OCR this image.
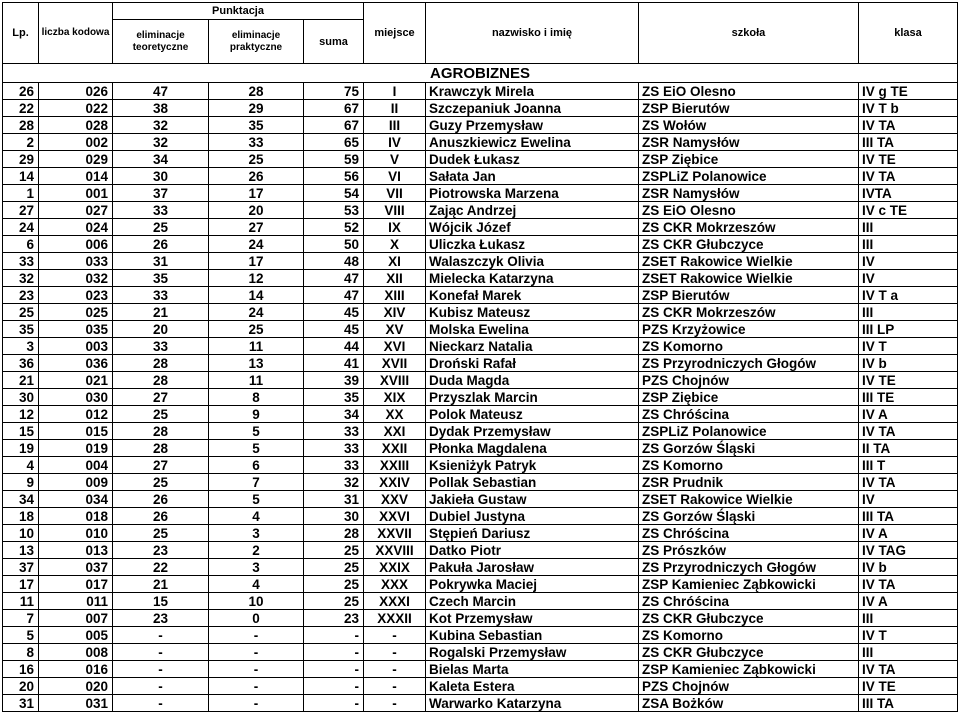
Lp.	liczba kodowa	Punktacja			miejsce	nazwisko i imię	szkoła	klasa
		eliminacje teoretyczne	eliminacje praktyczne	suma				
AGROBIZNES								
26	026	47	28	75	I	Krawczyk Mirela	ZS EiO Olesno	IV g TE
22	022	38	29	67	II	Szczepaniuk Joanna	ZSP Bierutów	IV T b
28	028	32	35	67	III	Guzy Przemysław	ZS Wołów	IV TA
2	002	32	33	65	IV	Anuszkiewicz Ewelina	ZSR Namysłów	III TA
29	029	34	25	59	V	Dudek Łukasz	ZSP Ziębice	IV TE
14	014	30	26	56	VI	Sałata Jan	ZSPLiZ Polanowice	IV TA
1	001	37	17	54	VII	Piotrowska Marzena	ZSR Namysłów	IVTA
27	027	33	20	53	VIII	Zając Andrzej	ZS EiO Olesno	IV c TE
24	024	25	27	52	IX	Wójcik Józef	ZS CKR Mokrzeszów	III
6	006	26	24	50	X	Uliczka Łukasz	ZS CKR Głubczyce	III
33	033	31	17	48	XI	Walaszczyk Olivia	ZSET Rakowice Wielkie	IV
32	032	35	12	47	XII	Mielecka Katarzyna	ZSET Rakowice Wielkie	IV
23	023	33	14	47	XIII	Konefał Marek	ZSP Bierutów	IV T a
25	025	21	24	45	XIV	Kubisz Mateusz	ZS CKR Mokrzeszów	III
35	035	20	25	45	XV	Molska Ewelina	PZS Krzyżowice	III LP
3	003	33	11	44	XVI	Nieckarz Natalia	ZS Komorno	IV T
36	036	28	13	41	XVII	Droński Rafał	ZS Przyrodniczych Głogów	IV b
21	021	28	11	39	XVIII	Duda Magda	PZS Chojnów	IV TE
30	030	27	8	35	XIX	Przyszlak Marcin	ZSP Ziębice	III TE
12	012	25	9	34	XX	Polok Mateusz	ZS Chróścina	IV A
15	015	28	5	33	XXI	Dydak Przemysław	ZSPLiZ Polanowice	IV TA
19	019	28	5	33	XXII	Płonka Magdalena	ZS Gorzów Śląski	II TA
4	004	27	6	33	XXIII	Ksieniżyk Patryk	ZS Komorno	III T
9	009	25	7	32	XXIV	Pollak Sebastian	ZSR Prudnik	IV TA
34	034	26	5	31	XXV	Jakieła Gustaw	ZSET Rakowice Wielkie	IV
18	018	26	4	30	XXVI	Dubiel Justyna	ZS Gorzów Śląski	III TA
10	010	25	3	28	XXVII	Stępień Dariusz	ZS Chróścina	IV A
13	013	23	2	25	XXVIII	Datko Piotr	ZS Prószków	IV TAG
37	037	22	3	25	XXIX	Pakuła Jarosław	ZS Przyrodniczych Głogów	IV b
17	017	21	4	25	XXX	Pokrywka Maciej	ZSP Kamieniec Ząbkowicki	IV TA
11	011	15	10	25	XXXI	Czech Marcin	ZS Chróścina	IV A
7	007	23	0	23	XXXII	Kot Przemysław	ZS CKR Głubczyce	III
5	005	-	-	-	-	Kubina Sebastian	ZS Komorno	IV T
8	008	-	-	-	-	Rogalski Przemysław	ZS CKR Głubczyce	III
16	016	-	-	-	-	Bielas Marta	ZSP Kamieniec Ząbkowicki	IV TA
20	020	-	-	-	-	Kaleta Estera	PZS Chojnów	IV TE
31	031	-	-	-	-	Warwarko Katarzyna	ZSA Bożków	III TA
